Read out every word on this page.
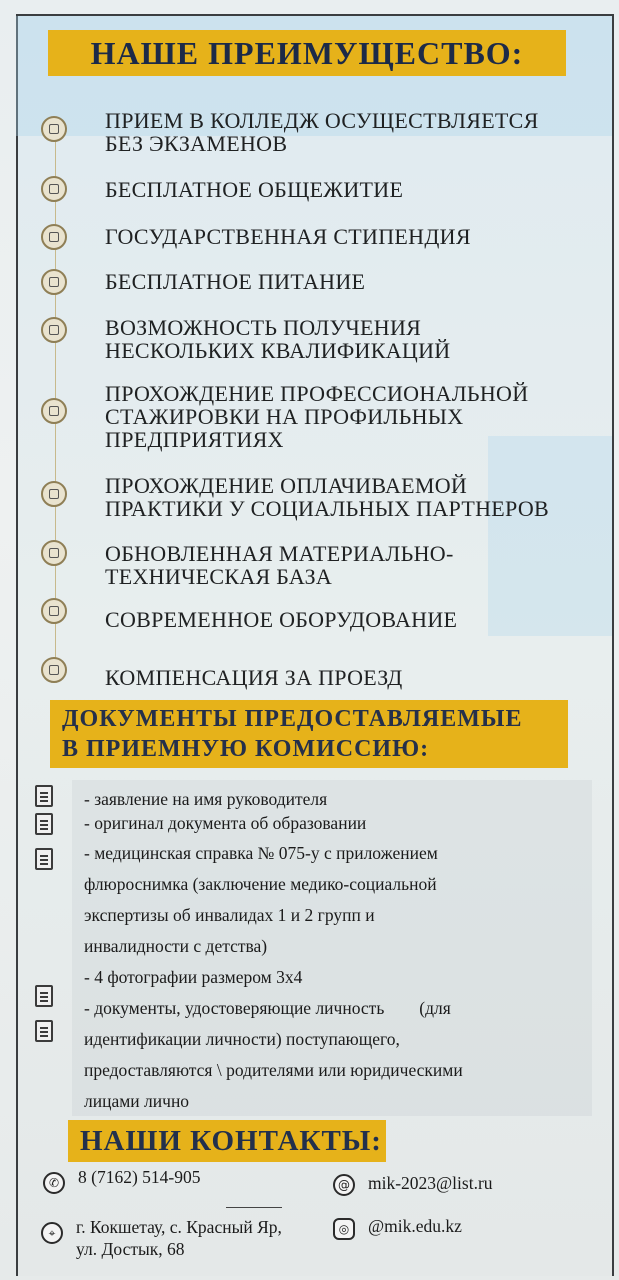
НАШЕ ПРЕИМУЩЕСТВО:
ПРИЕМ В КОЛЛЕДЖ ОСУЩЕСТВЛЯЕТСЯ
БЕЗ ЭКЗАМЕНОВ
БЕСПЛАТНОЕ ОБЩЕЖИТИЕ
ГОСУДАРСТВЕННАЯ СТИПЕНДИЯ
БЕСПЛАТНОЕ ПИТАНИЕ
ВОЗМОЖНОСТЬ ПОЛУЧЕНИЯ
НЕСКОЛЬКИХ КВАЛИФИКАЦИЙ
ПРОХОЖДЕНИЕ ПРОФЕССИОНАЛЬНОЙ
СТАЖИРОВКИ НА ПРОФИЛЬНЫХ
ПРЕДПРИЯТИЯХ
ПРОХОЖДЕНИЕ ОПЛАЧИВАЕМОЙ
ПРАКТИКИ У СОЦИАЛЬНЫХ ПАРТНЕРОВ
ОБНОВЛЕННАЯ МАТЕРИАЛЬНО-
ТЕХНИЧЕСКАЯ БАЗА
СОВРЕМЕННОЕ ОБОРУДОВАНИЕ
КОМПЕНСАЦИЯ ЗА ПРОЕЗД
ДОКУМЕНТЫ ПРЕДОСТАВЛЯЕМЫЕ
В ПРИЕМНУЮ КОМИССИЮ:
- заявление на имя руководителя
- оригинал документа об образовании
- медицинская справка № 075-у с приложением
флюроснимка (заключение медико-социальной
экспертизы об инвалидах 1 и 2 групп и
инвалидности с детства)
- 4 фотографии размером 3х4
- документы, удостоверяющие личность        (для
идентификации личности) поступающего,
предоставляются \ родителями или юридическими
лицами лично
НАШИ КОНТАКТЫ:
✆	8 (7162) 514-905	@ mik-2023@list.ru
⌖	г. Кокшетау, с. Красный Яр,
ул. Достык, 68
◎	@mik.edu.kz
